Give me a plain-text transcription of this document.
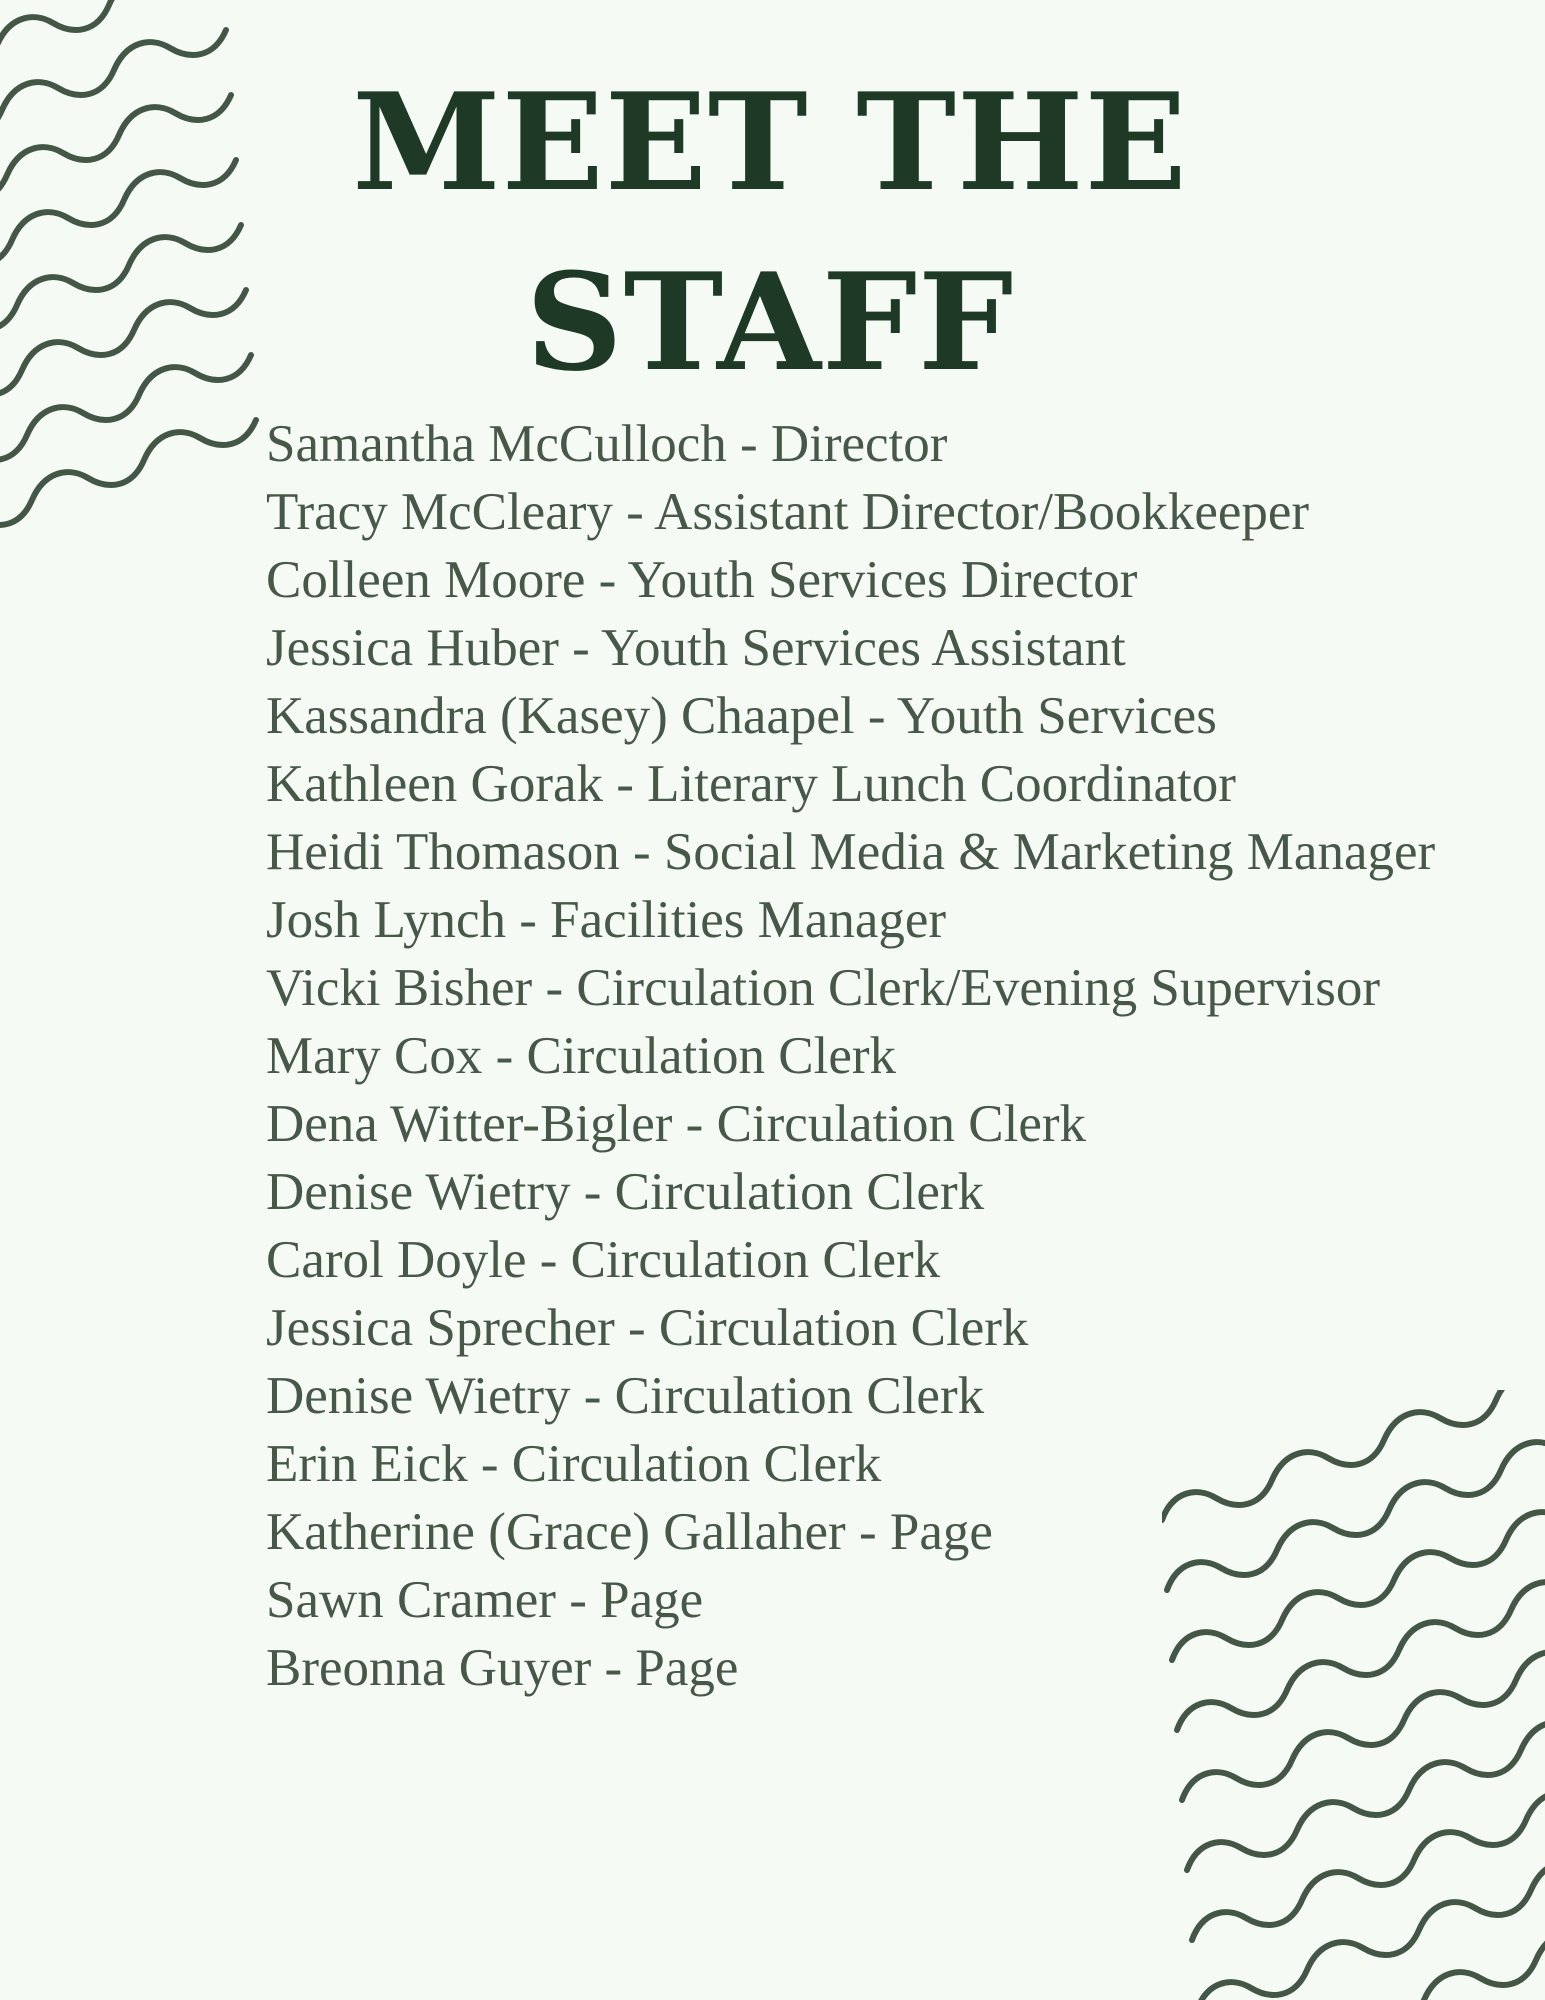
MEET THE
STAFF
Samantha McCulloch - Director
Tracy McCleary - Assistant Director/Bookkeeper
Colleen Moore - Youth Services Director
Jessica Huber - Youth Services Assistant
Kassandra (Kasey) Chaapel - Youth Services
Kathleen Gorak - Literary Lunch Coordinator
Heidi Thomason - Social Media & Marketing Manager
Josh Lynch - Facilities Manager
Vicki Bisher - Circulation Clerk/Evening Supervisor
Mary Cox - Circulation Clerk
Dena Witter-Bigler - Circulation Clerk
Denise Wietry - Circulation Clerk
Carol Doyle - Circulation Clerk
Jessica Sprecher - Circulation Clerk
Denise Wietry - Circulation Clerk
Erin Eick - Circulation Clerk
Katherine (Grace) Gallaher - Page
Sawn Cramer - Page
Breonna Guyer - Page
